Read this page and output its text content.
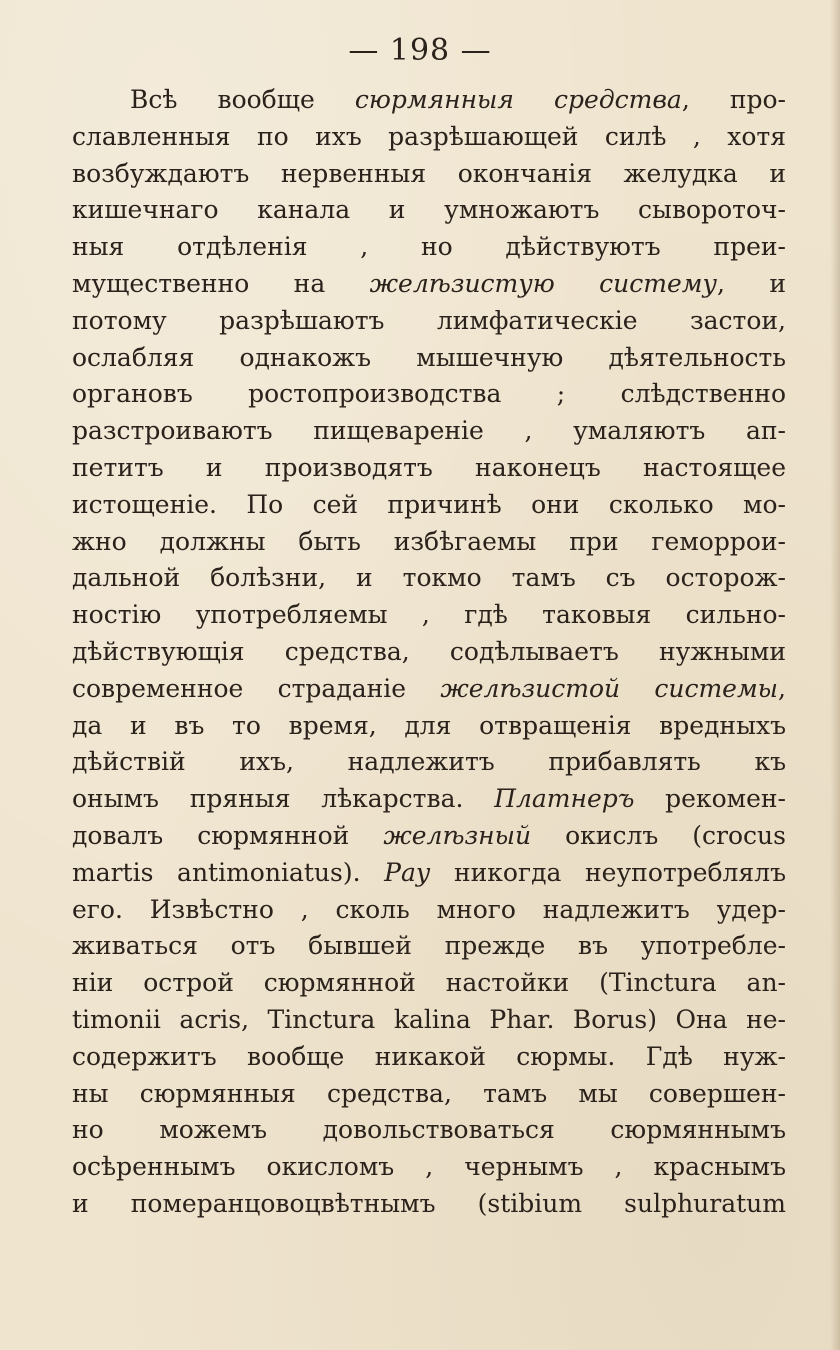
— 198 —
Всѣ вообще сюрмянныя средства, про-
славленныя по ихъ разрѣшающей силѣ , хотя
возбуждаютъ нервенныя окончанія желудка и
кишечнаго канала и умножаютъ сывороточ-
ныя отдѣленія , но дѣйствуютъ преи-
мущественно на желѣзистую систему, и
потому разрѣшаютъ лимфатическіе застои,
ослабляя однакожъ мышечную дѣятельность
органовъ ростопроизводства ; слѣдственно
разстроиваютъ пищевареніе , умаляютъ ап-
петитъ и производятъ наконецъ настоящее
истощеніе. По сей причинѣ они сколько мо-
жно должны быть избѣгаемы при геморрои-
дальной болѣзни, и токмо тамъ съ осторож-
ностію употребляемы , гдѣ таковыя сильно-
дѣйствующія средства, содѣлываетъ нужными
современное страданіе желѣзистой системы,
да и въ то время, для отвращенія вредныхъ
дѣйствій ихъ, надлежитъ прибавлять къ
онымъ пряныя лѣкарства. Платнеръ рекомен-
довалъ сюрмянной желѣзный окислъ (crocus
martis antimoniatus). Рау никогда неупотреблялъ
его. Извѣстно , сколь много надлежитъ удер-
живаться отъ бывшей прежде въ употребле-
ніи острой сюрмянной настойки (Tinctura an-
timonii acris, Tinctura kalina Phar. Borus) Она не-
содержитъ вообще никакой сюрмы. Гдѣ нуж-
ны сюрмянныя средства, тамъ мы совершен-
но можемъ довольствоваться сюрмяннымъ
осѣреннымъ окисломъ , чернымъ , краснымъ
и померанцовоцвѣтнымъ (stibium sulphuratum
